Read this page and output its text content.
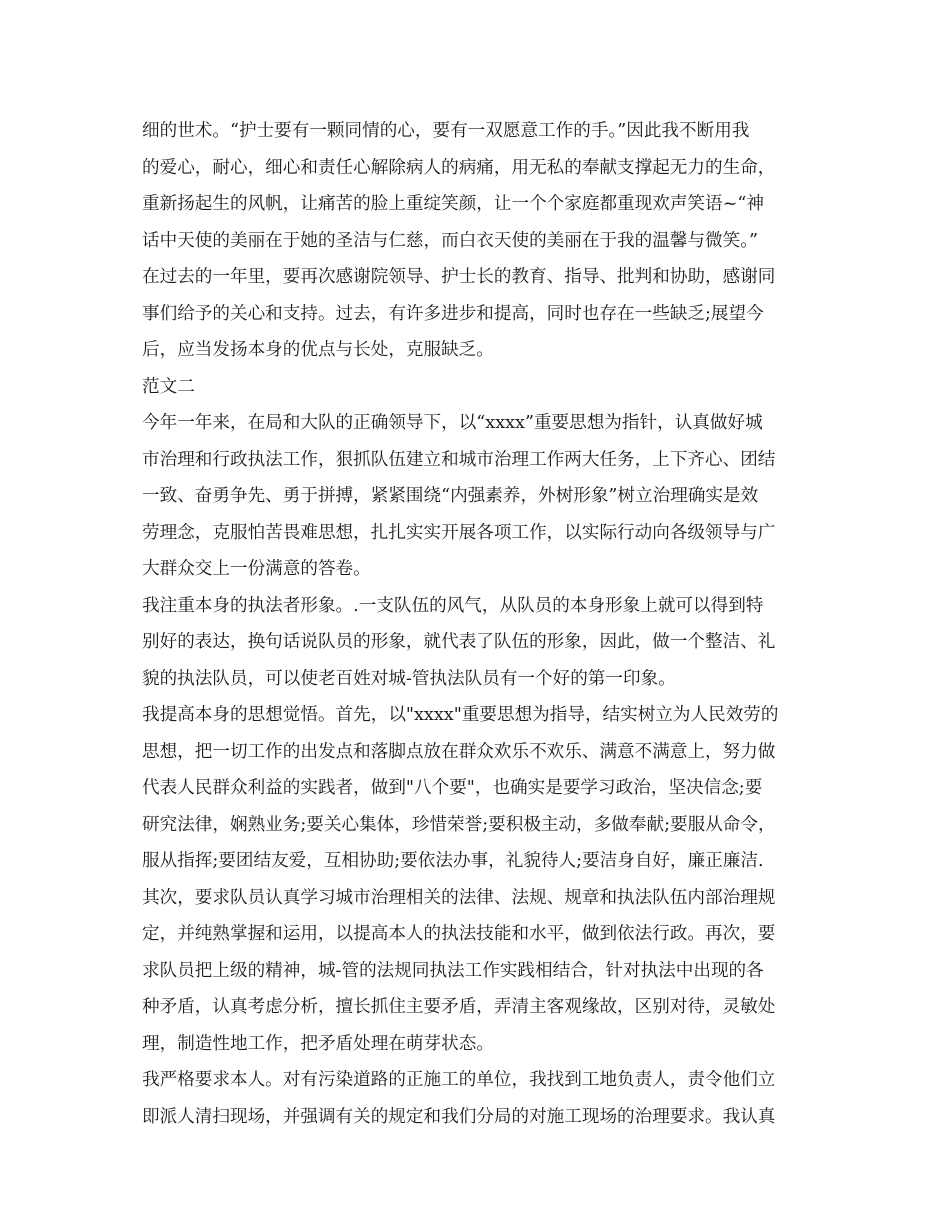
细的世术。“护士要有一颗同情的心，要有一双愿意工作的手。”因此我不断用我
的爱心，耐心，细心和责任心解除病人的病痛，用无私的奉献支撑起无力的生命，
重新扬起生的风帆，让痛苦的脸上重绽笑颜，让一个个家庭都重现欢声笑语~“神
话中天使的美丽在于她的圣洁与仁慈，而白衣天使的美丽在于我的温馨与微笑。”
在过去的一年里，要再次感谢院领导、护士长的教育、指导、批判和协助，感谢同
事们给予的关心和支持。过去，有许多进步和提高，同时也存在一些缺乏;展望今
后，应当发扬本身的优点与长处，克服缺乏。
范文二
今年一年来，在局和大队的正确领导下，以“xxxx”重要思想为指针，认真做好城
市治理和行政执法工作，狠抓队伍建立和城市治理工作两大任务，上下齐心、团结
一致、奋勇争先、勇于拼搏，紧紧围绕“内强素养，外树形象”树立治理确实是效
劳理念，克服怕苦畏难思想，扎扎实实开展各项工作，以实际行动向各级领导与广
大群众交上一份满意的答卷。
我注重本身的执法者形象。.一支队伍的风气，从队员的本身形象上就可以得到特
别好的表达，换句话说队员的形象，就代表了队伍的形象，因此，做一个整洁、礼
貌的执法队员，可以使老百姓对城-管执法队员有一个好的第一印象。
我提高本身的思想觉悟。首先，以"xxxx"重要思想为指导，结实树立为人民效劳的
思想，把一切工作的出发点和落脚点放在群众欢乐不欢乐、满意不满意上，努力做
代表人民群众利益的实践者，做到"八个要"，也确实是要学习政治，坚决信念;要
研究法律，娴熟业务;要关心集体，珍惜荣誉;要积极主动，多做奉献;要服从命令，
服从指挥;要团结友爱，互相协助;要依法办事，礼貌待人;要洁身自好，廉正廉洁.
其次，要求队员认真学习城市治理相关的法律、法规、规章和执法队伍内部治理规
定，并纯熟掌握和运用，以提高本人的执法技能和水平，做到依法行政。再次，要
求队员把上级的精神，城-管的法规同执法工作实践相结合，针对执法中出现的各
种矛盾，认真考虑分析，擅长抓住主要矛盾，弄清主客观缘故，区别对待，灵敏处
理，制造性地工作，把矛盾处理在萌芽状态。
我严格要求本人。对有污染道路的正施工的单位，我找到工地负责人，责令他们立
即派人清扫现场，并强调有关的规定和我们分局的对施工现场的治理要求。我认真
